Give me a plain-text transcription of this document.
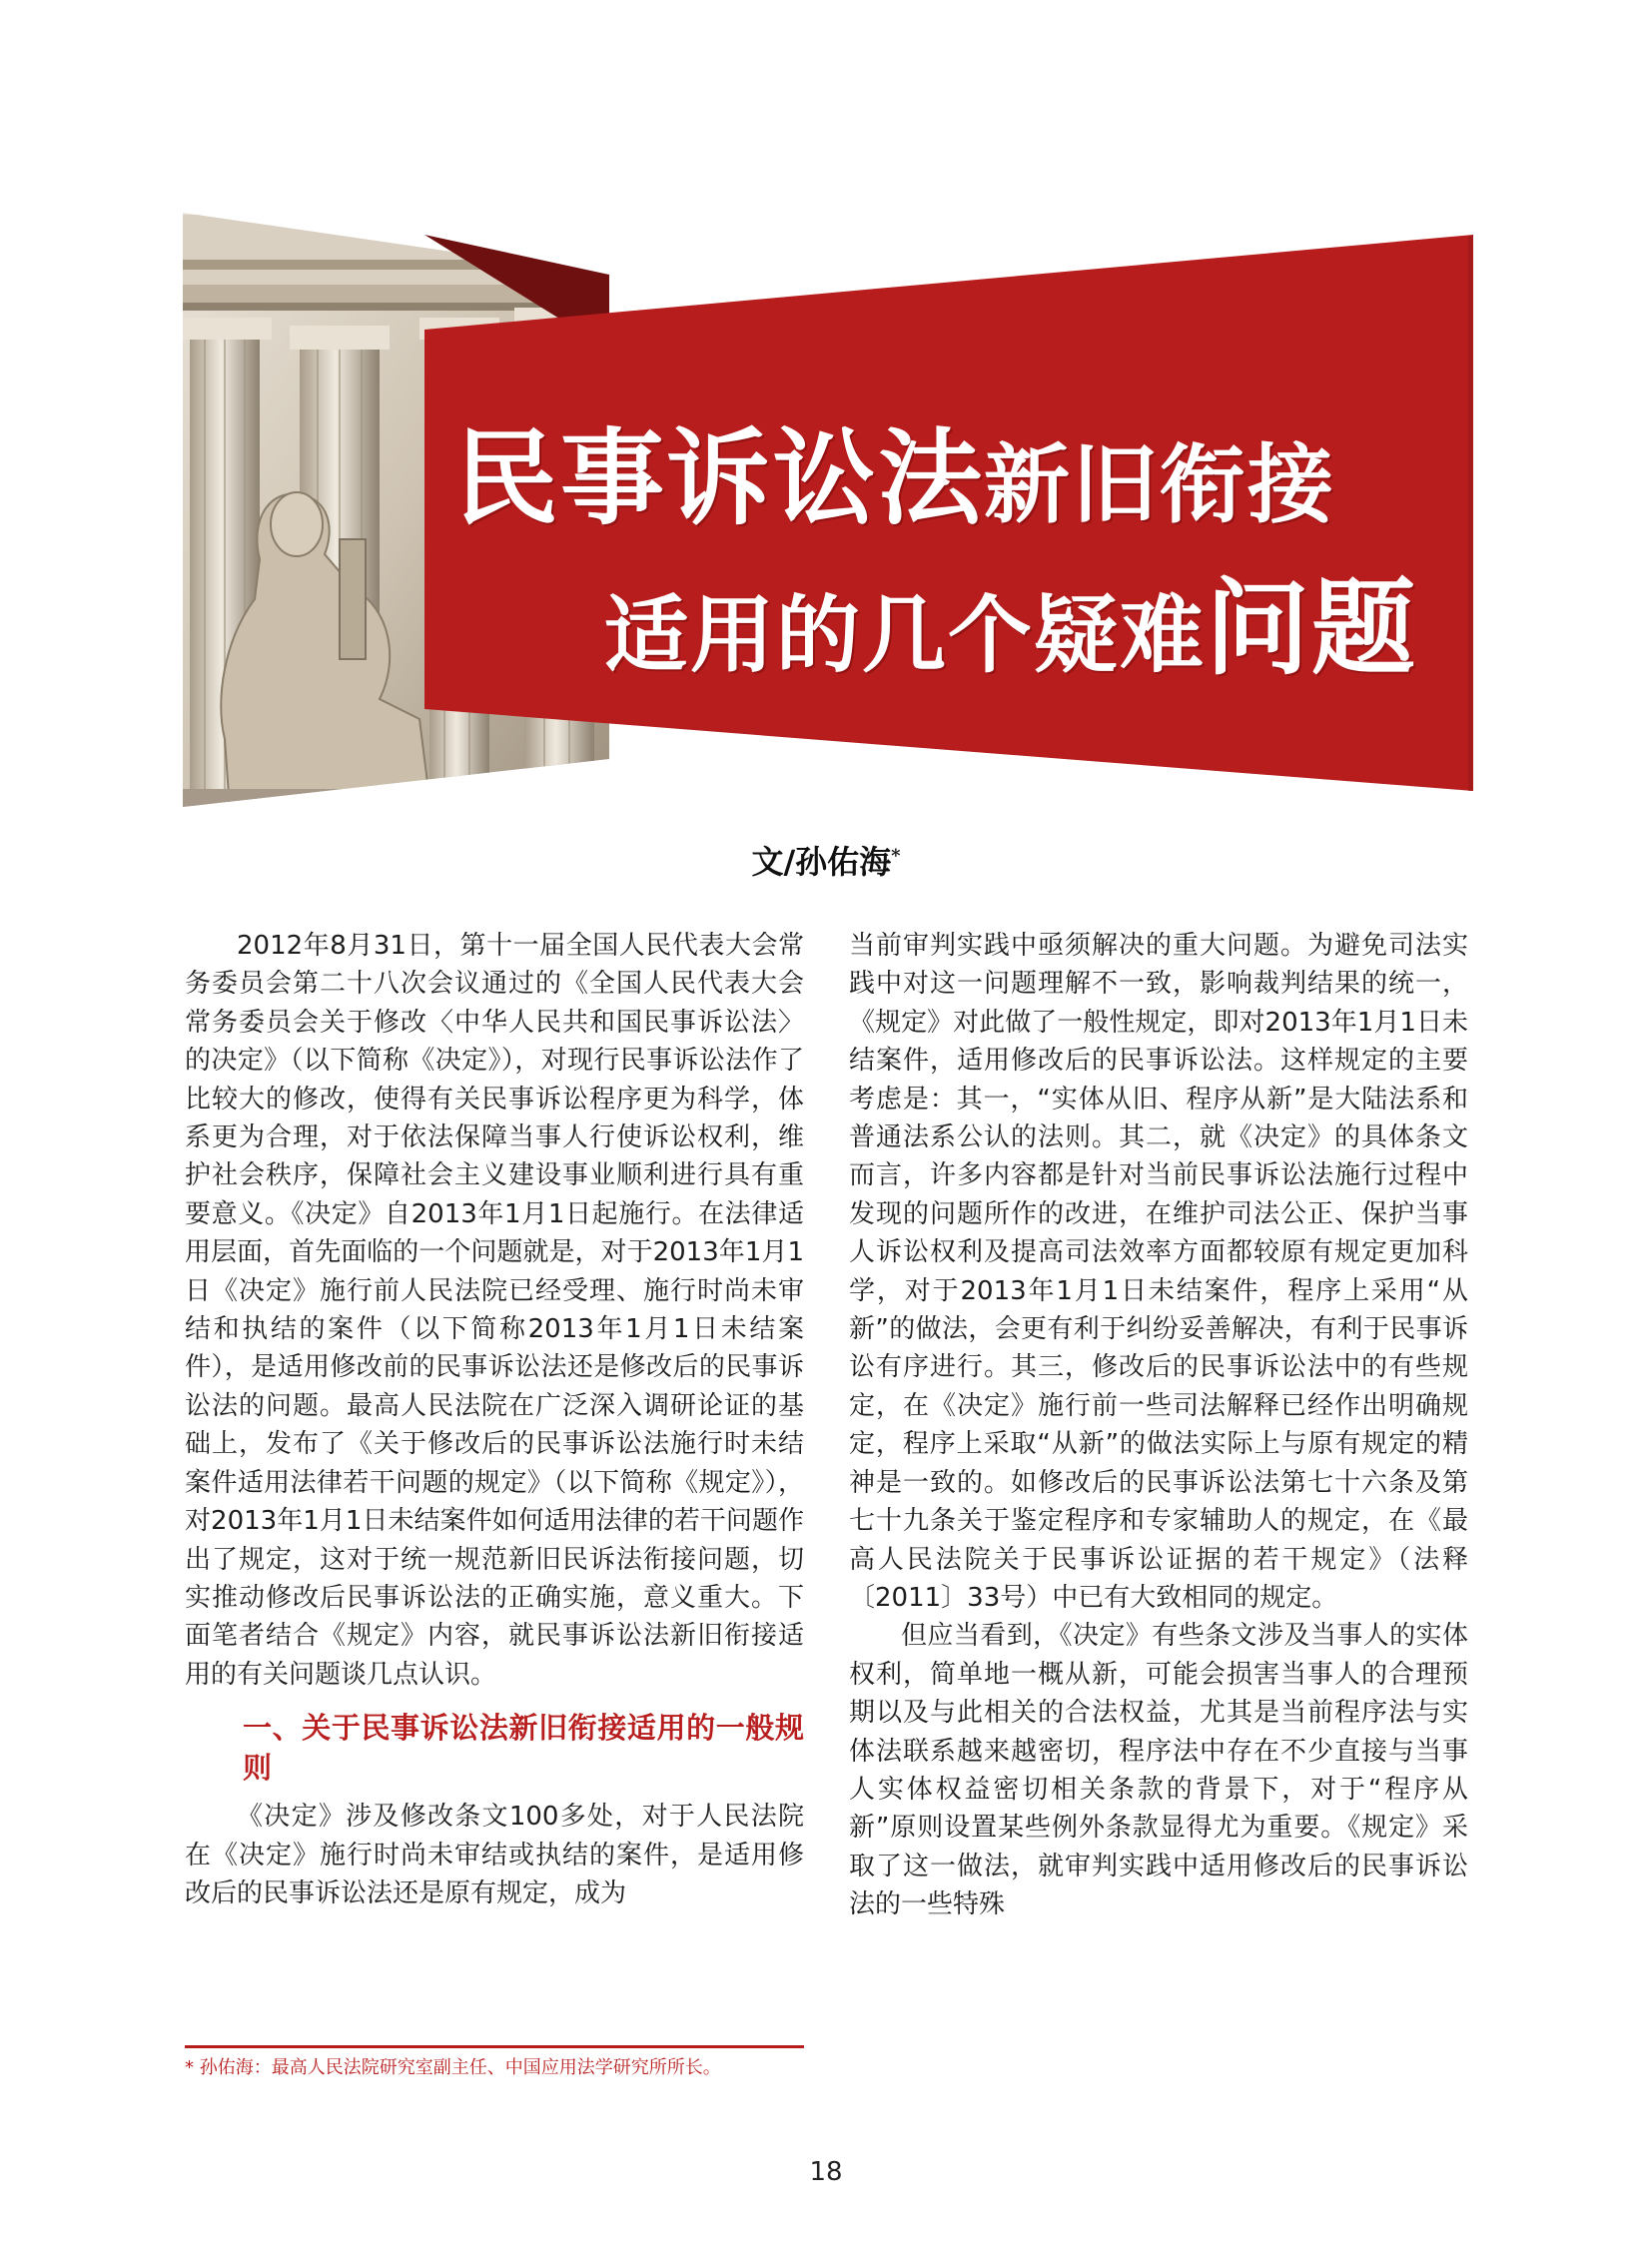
民事诉讼法新旧衔接
适用的几个疑难问题
文/孙佑海*

2012年8月31日，第十一届全国人民代表大会常务委员会第二十八次会议通过的《全国人民代表大会常务委员会关于修改〈中华人民共和国民事诉讼法〉的决定》（以下简称《决定》），对现行民事诉讼法作了比较大的修改，使得有关民事诉讼程序更为科学，体系更为合理，对于依法保障当事人行使诉讼权利，维护社会秩序，保障社会主义建设事业顺利进行具有重要意义。《决定》自2013年1月1日起施行。在法律适用层面，首先面临的一个问题就是，对于2013年1月1日《决定》施行前人民法院已经受理、施行时尚未审结和执结的案件（以下简称2013年1月1日未结案件），是适用修改前的民事诉讼法还是修改后的民事诉讼法的问题。最高人民法院在广泛深入调研论证的基础上，发布了《关于修改后的民事诉讼法施行时未结案件适用法律若干问题的规定》（以下简称《规定》），对2013年1月1日未结案件如何适用法律的若干问题作出了规定，这对于统一规范新旧民诉法衔接问题，切实推动修改后民事诉讼法的正确实施，意义重大。下面笔者结合《规定》内容，就民事诉讼法新旧衔接适用的有关问题谈几点认识。

一、关于民事诉讼法新旧衔接适用的一般规则

《决定》涉及修改条文100多处，对于人民法院在《决定》施行时尚未审结或执结的案件，是适用修改后的民事诉讼法还是原有规定，成为

当前审判实践中亟须解决的重大问题。为避免司法实践中对这一问题理解不一致，影响裁判结果的统一，《规定》对此做了一般性规定，即对2013年1月1日未结案件，适用修改后的民事诉讼法。这样规定的主要考虑是：其一，“实体从旧、程序从新”是大陆法系和普通法系公认的法则。其二，就《决定》的具体条文而言，许多内容都是针对当前民事诉讼法施行过程中发现的问题所作的改进，在维护司法公正、保护当事人诉讼权利及提高司法效率方面都较原有规定更加科学，对于2013年1月1日未结案件，程序上采用“从新”的做法，会更有利于纠纷妥善解决，有利于民事诉讼有序进行。其三，修改后的民事诉讼法中的有些规定，在《决定》施行前一些司法解释已经作出明确规定，程序上采取“从新”的做法实际上与原有规定的精神是一致的。如修改后的民事诉讼法第七十六条及第七十九条关于鉴定程序和专家辅助人的规定，在《最高人民法院关于民事诉讼证据的若干规定》（法释〔2011〕33号）中已有大致相同的规定。

但应当看到，《决定》有些条文涉及当事人的实体权利，简单地一概从新，可能会损害当事人的合理预期以及与此相关的合法权益，尤其是当前程序法与实体法联系越来越密切，程序法中存在不少直接与当事人实体权益密切相关条款的背景下，对于“程序从新”原则设置某些例外条款显得尤为重要。《规定》采取了这一做法，就审判实践中适用修改后的民事诉讼法的一些特殊

* 孙佑海：最高人民法院研究室副主任、中国应用法学研究所所长。
18
